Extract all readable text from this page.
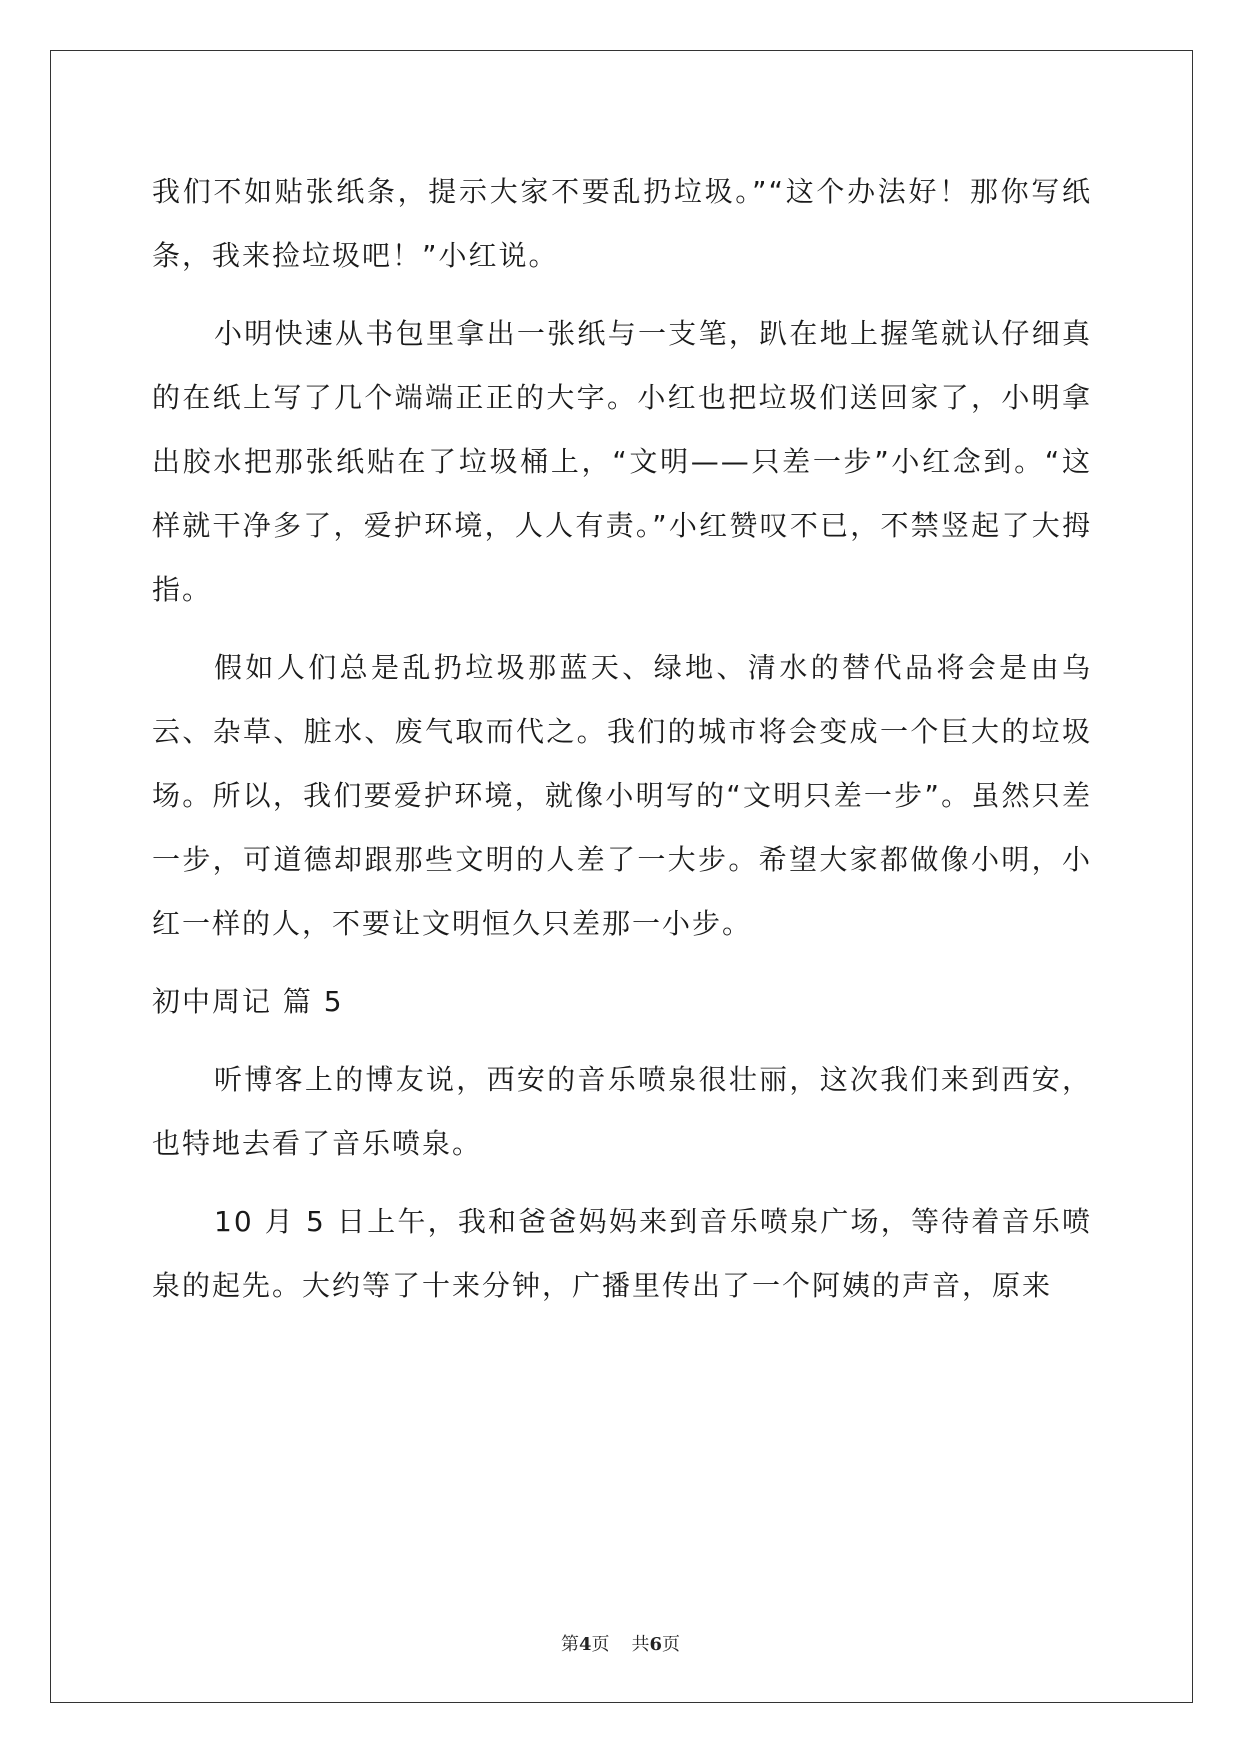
我们不如贴张纸条，提示大家不要乱扔垃圾。”“这个办法好！那你写纸条，我来捡垃圾吧！”小红说。

小明快速从书包里拿出一张纸与一支笔，趴在地上握笔就认仔细真的在纸上写了几个端端正正的大字。小红也把垃圾们送回家了，小明拿出胶水把那张纸贴在了垃圾桶上，“文明——只差一步”小红念到。“这样就干净多了，爱护环境，人人有责。”小红赞叹不已，不禁竖起了大拇指。

假如人们总是乱扔垃圾那蓝天、绿地、清水的替代品将会是由乌云、杂草、脏水、废气取而代之。我们的城市将会变成一个巨大的垃圾场。所以，我们要爱护环境，就像小明写的“文明只差一步”。虽然只差一步，可道德却跟那些文明的人差了一大步。希望大家都做像小明，小红一样的人，不要让文明恒久只差那一小步。

初中周记 篇 5

听博客上的博友说，西安的音乐喷泉很壮丽，这次我们来到西安，也特地去看了音乐喷泉。

10 月 5 日上午，我和爸爸妈妈来到音乐喷泉广场，等待着音乐喷泉的起先。大约等了十来分钟，广播里传出了一个阿姨的声音，原来

第4页 共6页
